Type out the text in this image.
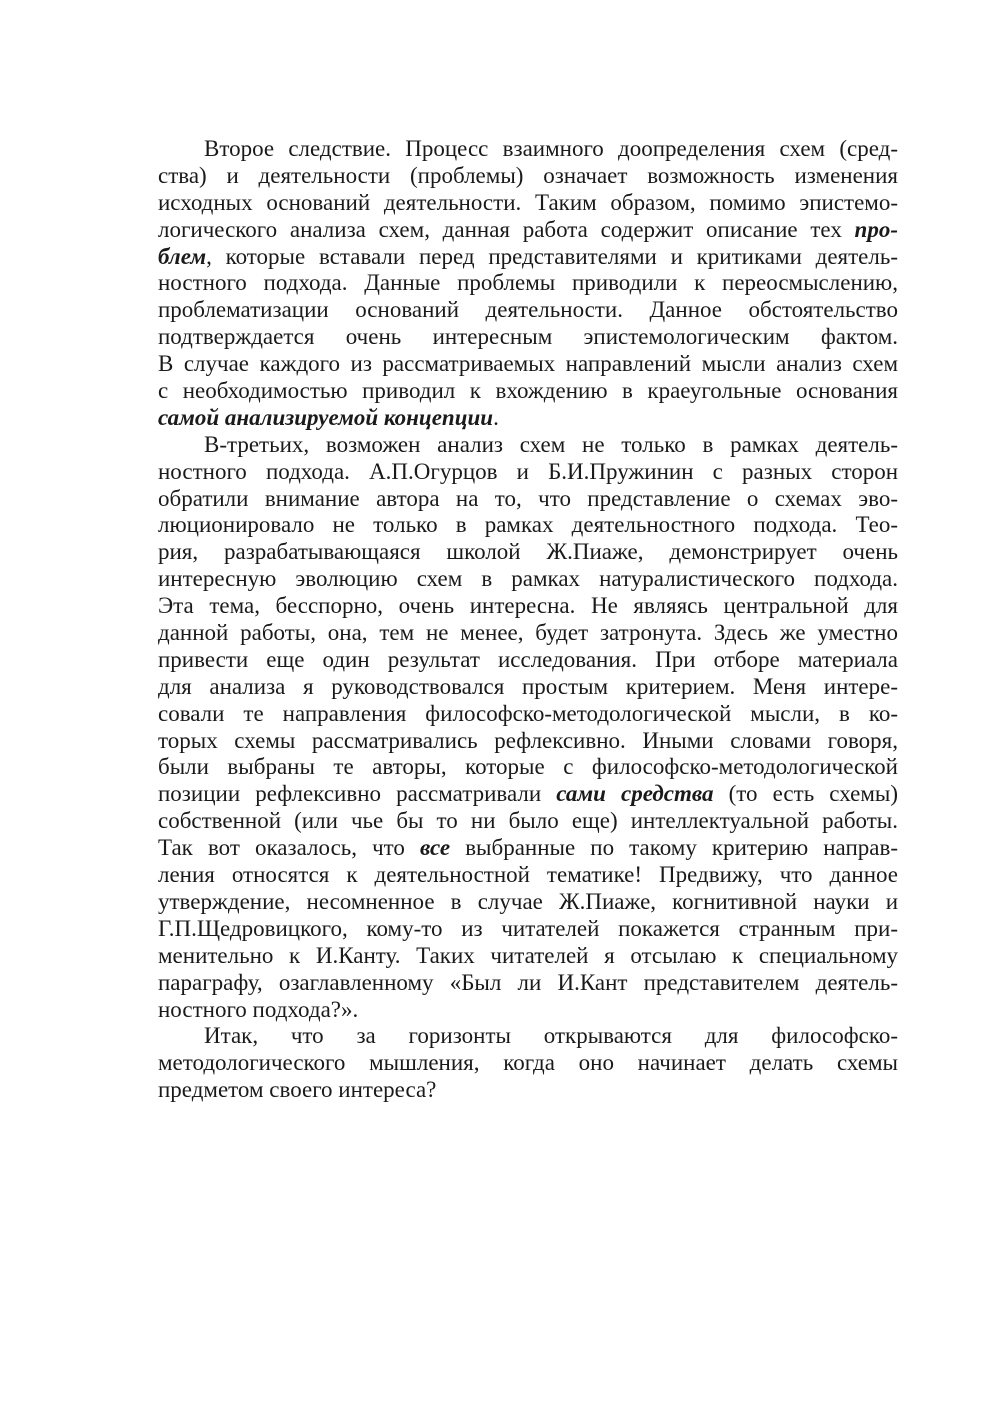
Второе следствие. Процесс взаимного доопределения схем (сред-
ства) и деятельности (проблемы) означает возможность изменения
исходных оснований деятельности. Таким образом, помимо эпистемо-
логического анализа схем, данная работа содержит описание тех про-
блем, которые вставали перед представителями и критиками деятель-
ностного подхода. Данные проблемы приводили к переосмыслению,
проблематизации оснований деятельности. Данное обстоятельство
подтверждается очень интересным эпистемологическим фактом.
В случае каждого из рассматриваемых направлений мысли анализ схем
с необходимостью приводил к вхождению в краеугольные основания
самой анализируемой концепции.
В-третьих, возможен анализ схем не только в рамках деятель-
ностного подхода. А.П.Огурцов и Б.И.Пружинин с разных сторон
обратили внимание автора на то, что представление о схемах эво-
люционировало не только в рамках деятельностного подхода. Тео-
рия, разрабатывающаяся школой Ж.Пиаже, демонстрирует очень
интересную эволюцию схем в рамках натуралистического подхода.
Эта тема, бесспорно, очень интересна. Не являясь центральной для
данной работы, она, тем не менее, будет затронута. Здесь же уместно
привести еще один результат исследования. При отборе материала
для анализа я руководствовался простым критерием. Меня интере-
совали те направления философско-методологической мысли, в ко-
торых схемы рассматривались рефлексивно. Иными словами говоря,
были выбраны те авторы, которые с философско-методологической
позиции рефлексивно рассматривали сами средства (то есть схемы)
собственной (или чье бы то ни было еще) интеллектуальной работы.
Так вот оказалось, что все выбранные по такому критерию направ-
ления относятся к деятельностной тематике! Предвижу, что данное
утверждение, несомненное в случае Ж.Пиаже, когнитивной науки и
Г.П.Щедровицкого, кому-то из читателей покажется странным при-
менительно к И.Канту. Таких читателей я отсылаю к специальному
параграфу, озаглавленному «Был ли И.Кант представителем деятель-
ностного подхода?».
Итак, что за горизонты открываются для философско-
методологического мышления, когда оно начинает делать схемы
предметом своего интереса?
